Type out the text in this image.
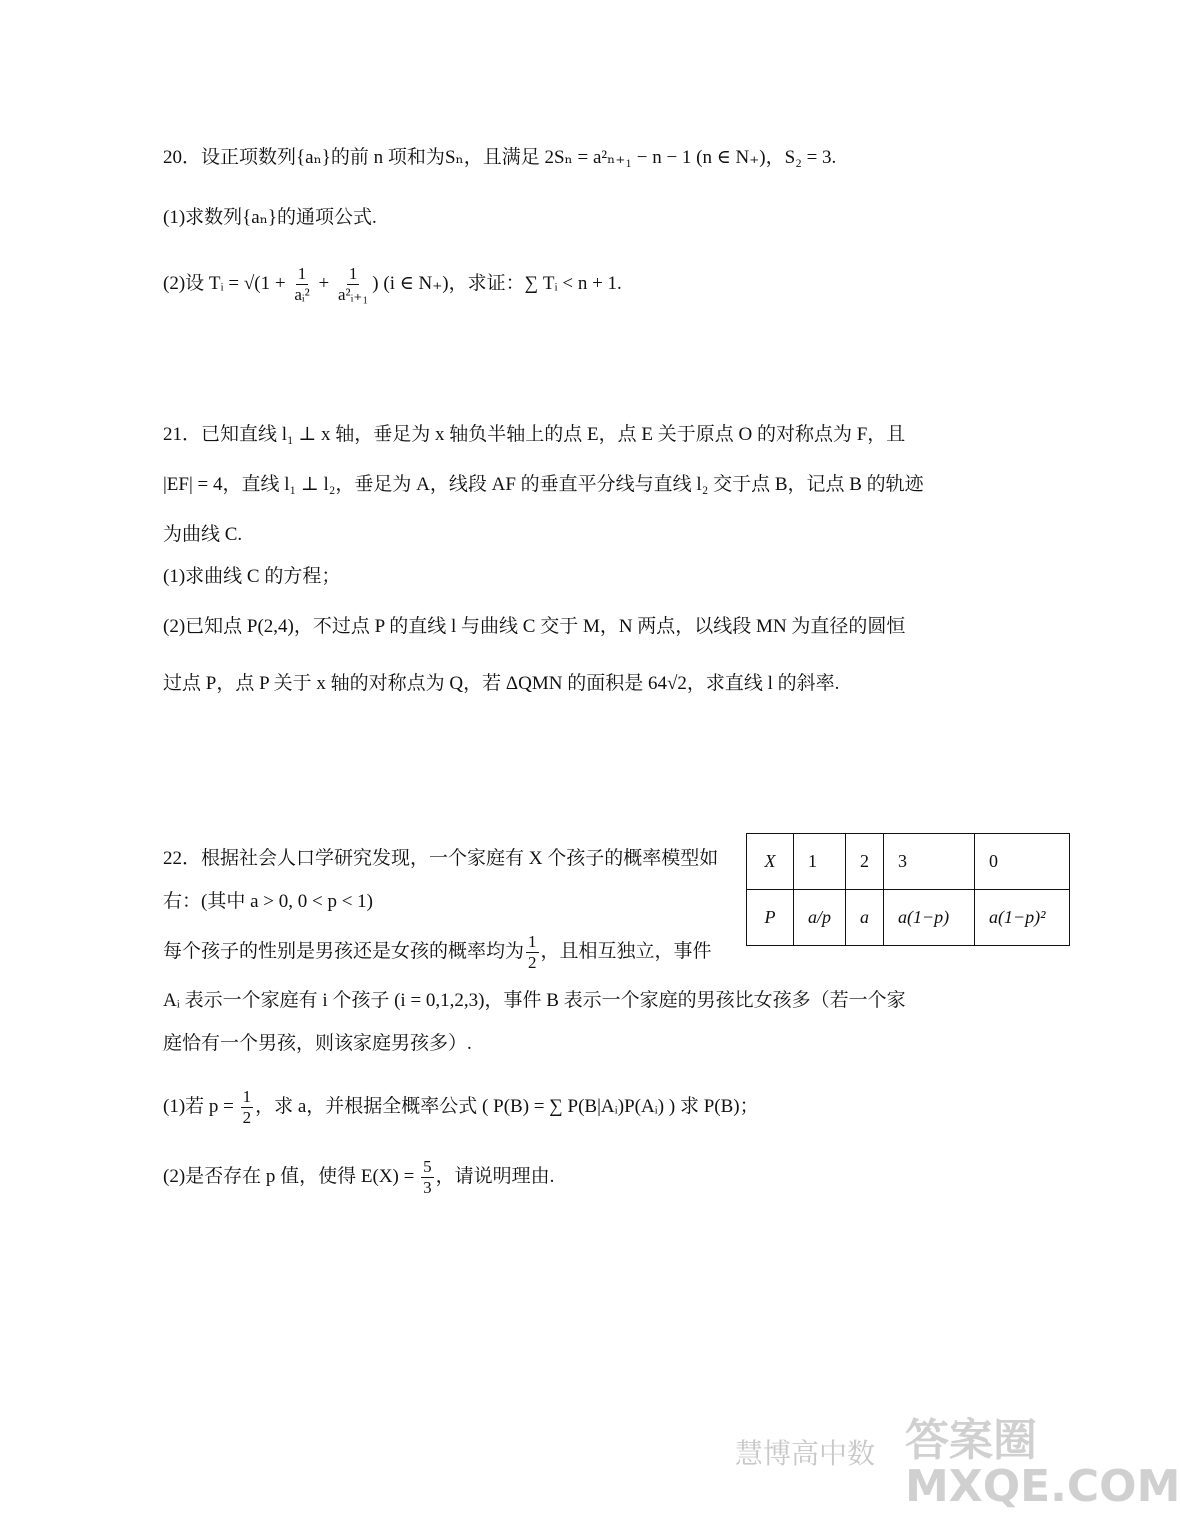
20．设正项数列{aₙ}的前 n 项和为Sₙ，且满足 2Sₙ = a²ₙ₊₁ − n − 1 (n ∈ N₊)，S₂ = 3.
(1)求数列{aₙ}的通项公式.
(2)设 Tᵢ = $√(1 + \frac{1}{\text{aᵢ²}} + \frac{1}{\text{a²ᵢ₊₁}}$ ) (i ∈ N₊)，求证：∑ Tᵢ < n + 1.
21．已知直线 l₁ ⊥ x 轴，垂足为 x 轴负半轴上的点 E，点 E 关于原点 O 的对称点为 F，且
|EF| = 4，直线 l₁ ⊥ l₂，垂足为 A，线段 AF 的垂直平分线与直线 l₂ 交于点 B，记点 B 的轨迹
为曲线 C.
(1)求曲线 C 的方程；
(2)已知点 P(2,4)，不过点 P 的直线 l 与曲线 C 交于 M，N 两点，以线段 MN 为直径的圆恒
过点 P，点 P 关于 x 轴的对称点为 Q，若 ΔQMN 的面积是 64√2，求直线 l 的斜率.
22．根据社会人口学研究发现，一个家庭有 X 个孩子的概率模型如
右：(其中 a > 0, 0 < p < 1)
每个孩子的性别是男孩还是女孩的概率均为 $\frac{1}{2}$ ，且相互独立，事件
Aᵢ 表示一个家庭有 i 个孩子 (i = 0,1,2,3)，事件 B 表示一个家庭的男孩比女孩多（若一个家
庭恰有一个男孩，则该家庭男孩多）.
(1)若 $p = \frac{1}{2}$ ，求 a，并根据全概率公式 ( P(B) = ∑ P(B|Aᵢ)P(Aᵢ) ) 求 P(B)；
(2)是否存在 p 值，使得 $E(X) = \frac{5}{3}$ ，请说明理由.
X	1	2	3	0
P	a/p	a	a(1−p)	a(1−p)²
慧博高中数 答案圈
MXQE.COM
